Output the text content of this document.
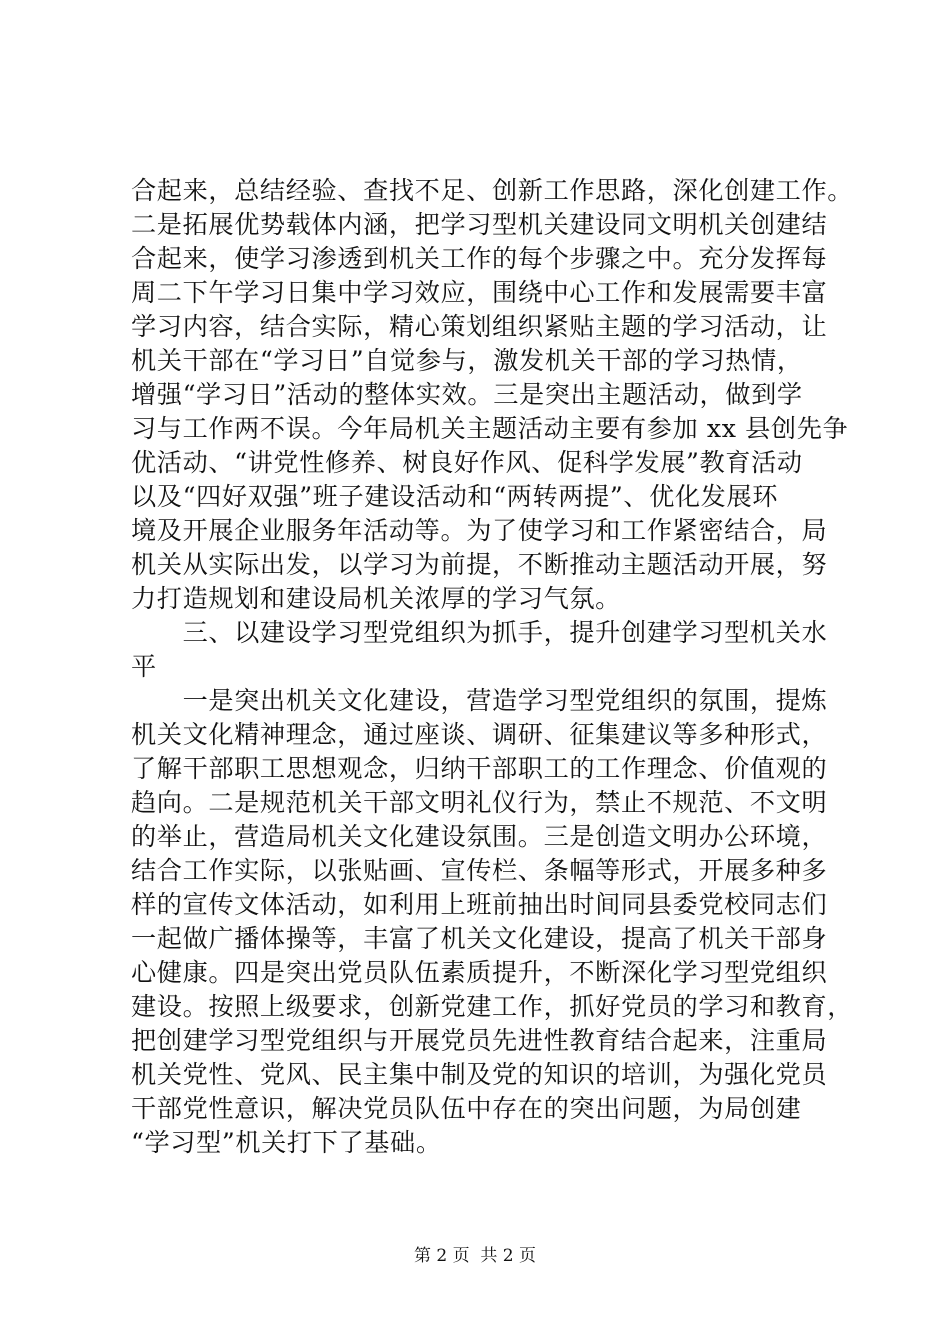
合起来，总结经验、查找不足、创新工作思路，深化创建工作。
二是拓展优势载体内涵，把学习型机关建设同文明机关创建结
合起来，使学习渗透到机关工作的每个步骤之中。充分发挥每
周二下午学习日集中学习效应，围绕中心工作和发展需要丰富
学习内容，结合实际，精心策划组织紧贴主题的学习活动，让
机关干部在“学习日”自觉参与，激发机关干部的学习热情，
增强“学习日”活动的整体实效。三是突出主题活动，做到学
习与工作两不误。今年局机关主题活动主要有参加 xx 县创先争
优活动、“讲党性修养、树良好作风、促科学发展”教育活动
以及“四好双强”班子建设活动和“两转两提”、优化发展环
境及开展企业服务年活动等。为了使学习和工作紧密结合，局
机关从实际出发，以学习为前提，不断推动主题活动开展，努
力打造规划和建设局机关浓厚的学习气氛。
　　三、以建设学习型党组织为抓手，提升创建学习型机关水
平
　　一是突出机关文化建设，营造学习型党组织的氛围，提炼
机关文化精神理念，通过座谈、调研、征集建议等多种形式，
了解干部职工思想观念，归纳干部职工的工作理念、价值观的
趋向。二是规范机关干部文明礼仪行为，禁止不规范、不文明
的举止，营造局机关文化建设氛围。三是创造文明办公环境，
结合工作实际，以张贴画、宣传栏、条幅等形式，开展多种多
样的宣传文体活动，如利用上班前抽出时间同县委党校同志们
一起做广播体操等，丰富了机关文化建设，提高了机关干部身
心健康。四是突出党员队伍素质提升，不断深化学习型党组织
建设。按照上级要求，创新党建工作，抓好党员的学习和教育，
把创建学习型党组织与开展党员先进性教育结合起来，注重局
机关党性、党风、民主集中制及党的知识的培训，为强化党员
干部党性意识，解决党员队伍中存在的突出问题，为局创建
“学习型”机关打下了基础。
第 2 页  共 2 页
